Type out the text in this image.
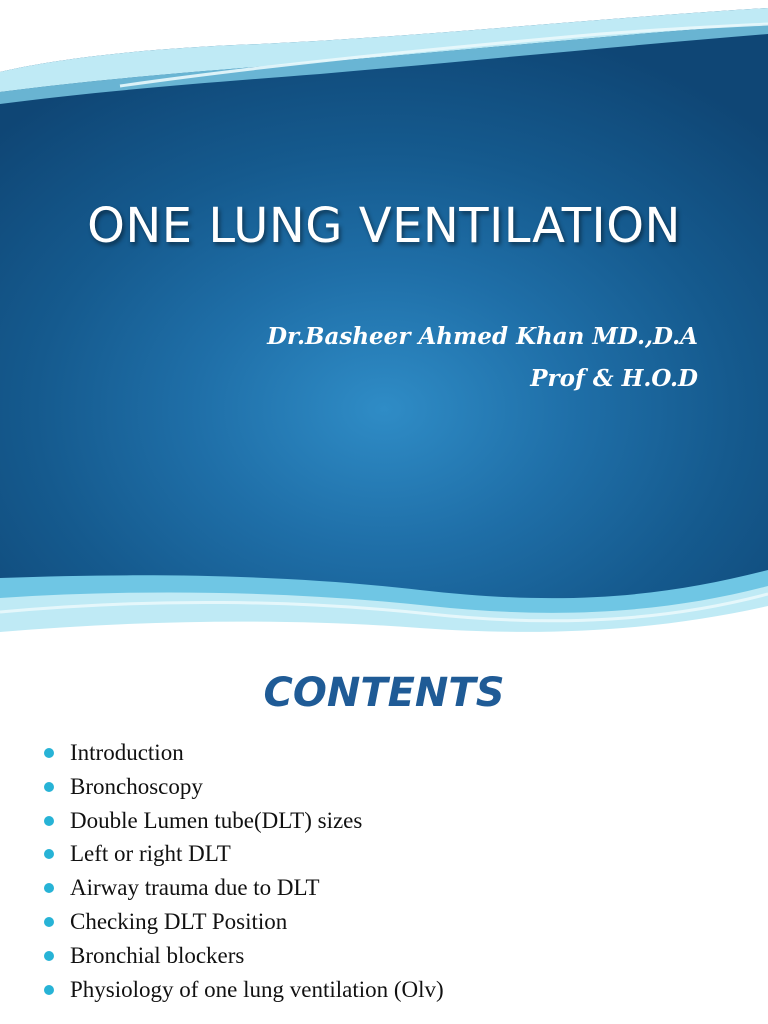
ONE LUNG VENTILATION
Dr.Basheer Ahmed Khan MD.,D.A
Prof & H.O.D
CONTENTS
Introduction
Bronchoscopy
Double Lumen tube(DLT) sizes
Left or right DLT
Airway trauma due to DLT
Checking DLT Position
Bronchial blockers
Physiology of one lung ventilation (Olv)
